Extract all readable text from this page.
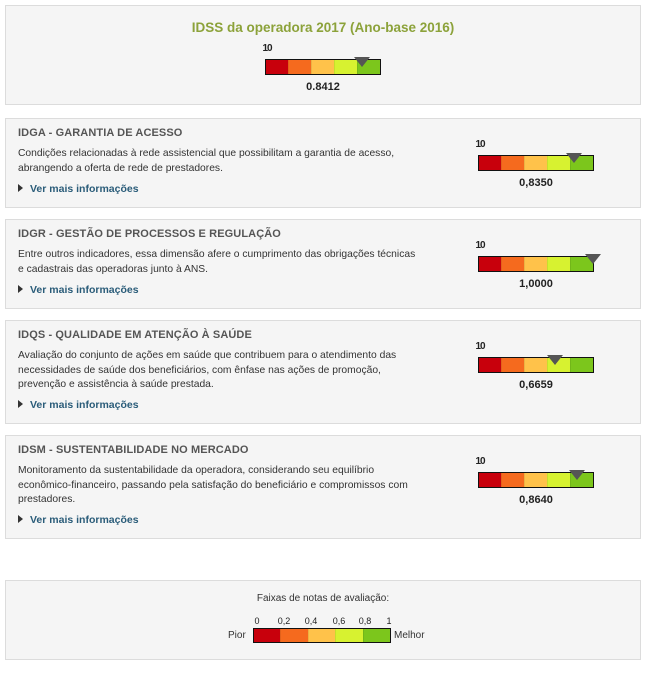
IDSS da operadora 2017 (Ano-base 2016)
0
1
0.8412
IDGA - GARANTIA DE ACESSO
Condições relacionadas à rede assistencial que possibilitam a garantia de acesso, abrangendo a oferta de rede de prestadores.
Ver mais informações
0
1
0,8350
IDGR - GESTÃO DE PROCESSOS E REGULAÇÃO
Entre outros indicadores, essa dimensão afere o cumprimento das obrigações técnicas e cadastrais das operadoras junto à ANS.
Ver mais informações
0
1
1,0000
IDQS - QUALIDADE EM ATENÇÃO À SAÚDE
Avaliação do conjunto de ações em saúde que contribuem para o atendimento das necessidades de saúde dos beneficiários, com ênfase nas ações de promoção, prevenção e assistência à saúde prestada.
Ver mais informações
0
1
0,6659
IDSM - SUSTENTABILIDADE NO MERCADO
Monitoramento da sustentabilidade da operadora, considerando seu equilíbrio econômico-financeiro, passando pela satisfação do beneficiário e compromissos com prestadores.
Ver mais informações
0
1
0,8640
Faixas de notas de avaliação:
0 0,2 0,4 0,6 0,8 1
Pior	Melhor
